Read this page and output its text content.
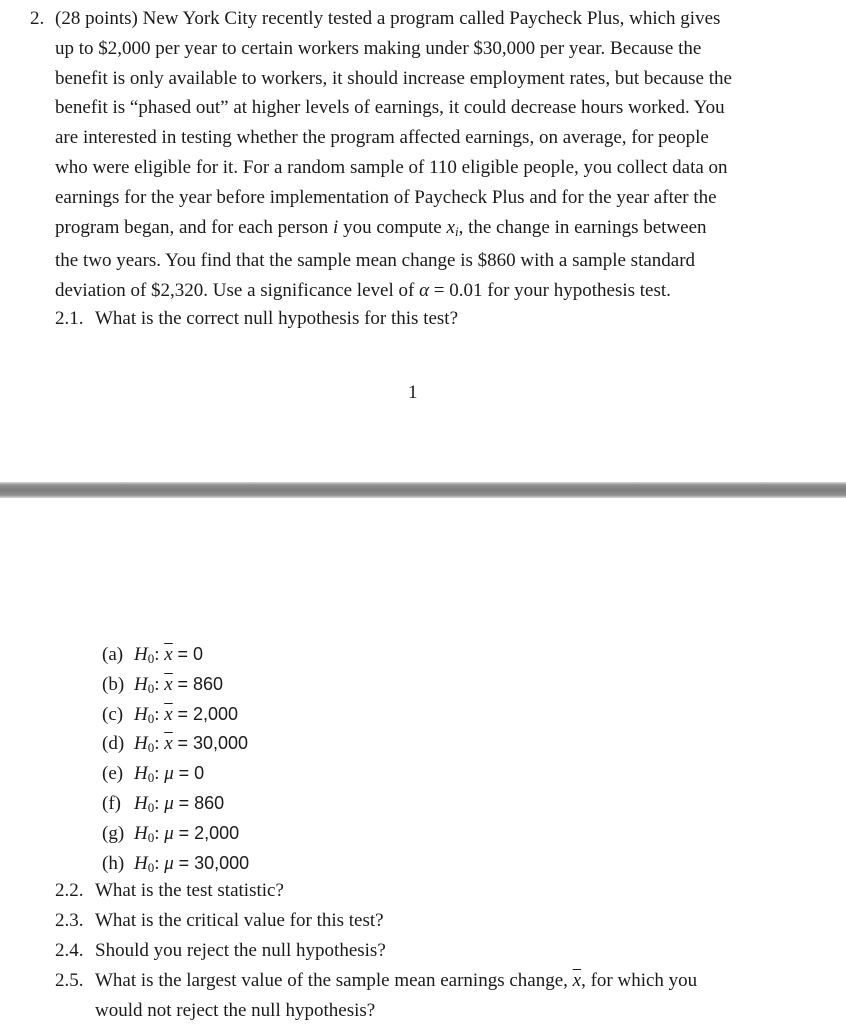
2. (28 points) New York City recently tested a program called Paycheck Plus, which gives
up to $2,000 per year to certain workers making under $30,000 per year. Because the
benefit is only available to workers, it should increase employment rates, but because the
benefit is “phased out” at higher levels of earnings, it could decrease hours worked. You
are interested in testing whether the program affected earnings, on average, for people
who were eligible for it. For a random sample of 110 eligible people, you collect data on
earnings for the year before implementation of Paycheck Plus and for the year after the
program began, and for each person i you compute $x_i$, the change in earnings between
the two years. You find that the sample mean change is $860 with a sample standard
deviation of $2,320. Use a significance level of α = 0.01 for your hypothesis test.
2.1. What is the correct null hypothesis for this test?
1
(a) $H_0$: $\overline{x} = 0$
(b) $H_0$: $\overline{x} = 860$
(c) $H_0$: $\overline{x} = 2,000$
(d) $H_0$: $\overline{x} = 30,000$
(e) $H_0$: μ = 0
(f) $H_0$: μ = 860
(g) $H_0$: μ = 2,000
(h) $H_0$: μ = 30,000
2.2. What is the test statistic?
2.3. What is the critical value for this test?
2.4. Should you reject the null hypothesis?
2.5. What is the largest value of the sample mean earnings change, $\overline{x}$, for which you
would not reject the null hypothesis?
